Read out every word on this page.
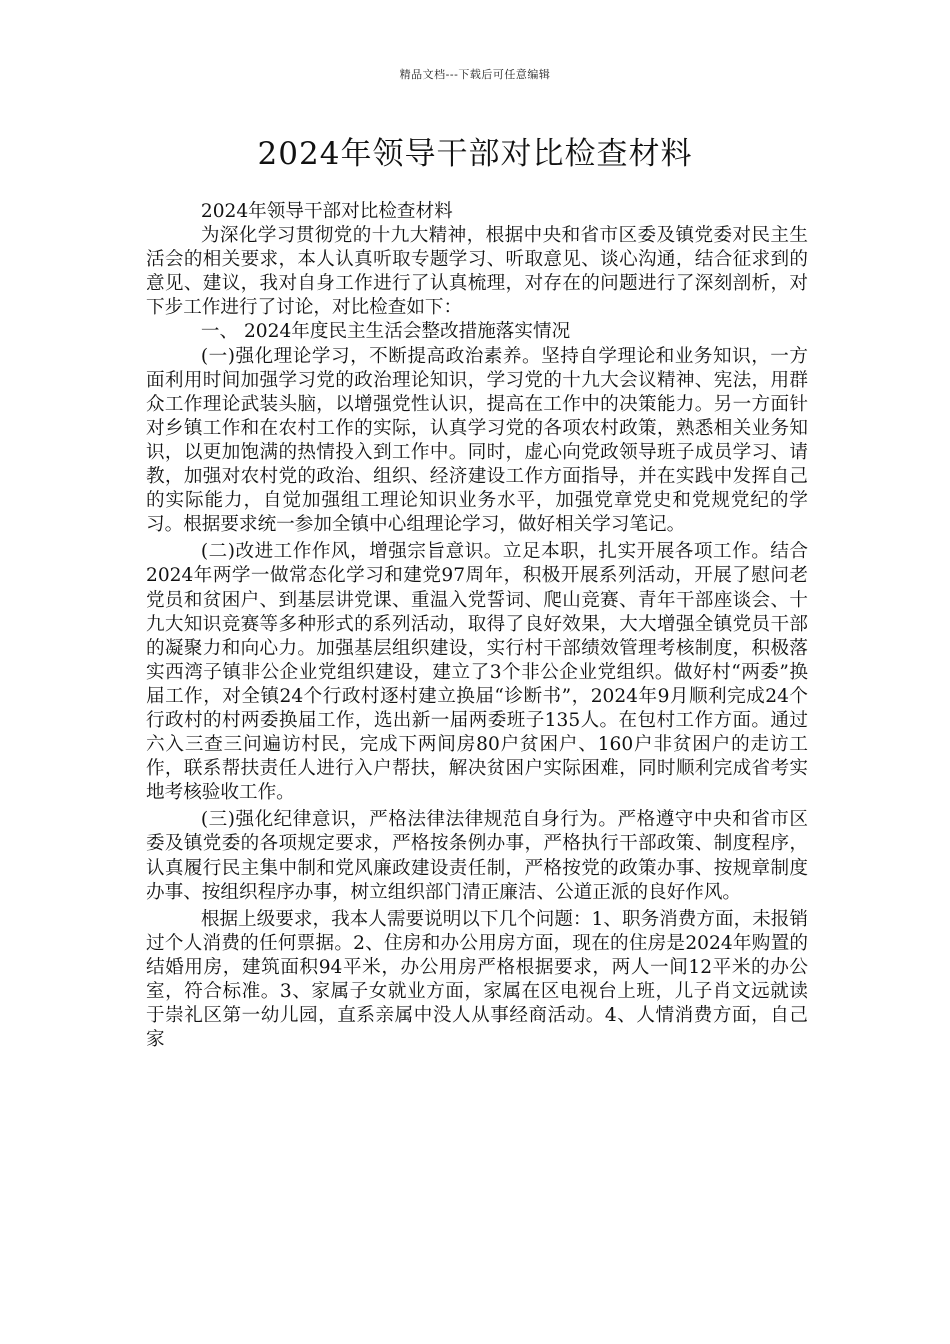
精品文档---下载后可任意编辑
2024年领导干部对比检查材料

2024年领导干部对比检查材料

为深化学习贯彻党的十九大精神，根据中央和省市区委及镇党委对民主生活会的相关要求，本人认真听取专题学习、听取意见、谈心沟通，结合征求到的意见、建议，我对自身工作进行了认真梳理，对存在的问题进行了深刻剖析，对下步工作进行了讨论，对比检查如下：

一、 2024年度民主生活会整改措施落实情况

(一)强化理论学习，不断提高政治素养。坚持自学理论和业务知识，一方面利用时间加强学习党的政治理论知识，学习党的十九大会议精神、宪法，用群众工作理论武装头脑，以增强党性认识，提高在工作中的决策能力。另一方面针对乡镇工作和在农村工作的实际，认真学习党的各项农村政策，熟悉相关业务知识，以更加饱满的热情投入到工作中。同时，虚心向党政领导班子成员学习、请教，加强对农村党的政治、组织、经济建设工作方面指导，并在实践中发挥自己的实际能力，自觉加强组工理论知识业务水平，加强党章党史和党规党纪的学习。根据要求统一参加全镇中心组理论学习，做好相关学习笔记。

(二)改进工作作风，增强宗旨意识。立足本职，扎实开展各项工作。结合2024年两学一做常态化学习和建党97周年，积极开展系列活动，开展了慰问老党员和贫困户、到基层讲党课、重温入党誓词、爬山竞赛、青年干部座谈会、十九大知识竞赛等多种形式的系列活动，取得了良好效果，大大增强全镇党员干部的凝聚力和向心力。加强基层组织建设，实行村干部绩效管理考核制度，积极落实西湾子镇非公企业党组织建设，建立了3个非公企业党组织。做好村“两委”换届工作，对全镇24个行政村逐村建立换届“诊断书”，2024年9月顺利完成24个行政村的村两委换届工作，选出新一届两委班子135人。在包村工作方面。通过六入三查三问遍访村民，完成下两间房80户贫困户、160户非贫困户的走访工作，联系帮扶责任人进行入户帮扶，解决贫困户实际困难，同时顺利完成省考实地考核验收工作。

(三)强化纪律意识，严格法律法律规范自身行为。严格遵守中央和省市区委及镇党委的各项规定要求，严格按条例办事，严格执行干部政策、制度程序，认真履行民主集中制和党风廉政建设责任制，严格按党的政策办事、按规章制度办事、按组织程序办事，树立组织部门清正廉洁、公道正派的良好作风。

根据上级要求，我本人需要说明以下几个问题：1、职务消费方面，未报销过个人消费的任何票据。2、住房和办公用房方面，现在的住房是2024年购置的结婚用房，建筑面积94平米，办公用房严格根据要求，两人一间12平米的办公室，符合标准。3、家属子女就业方面，家属在区电视台上班，儿子肖文远就读于崇礼区第一幼儿园，直系亲属中没人从事经商活动。4、人情消费方面，自己家
